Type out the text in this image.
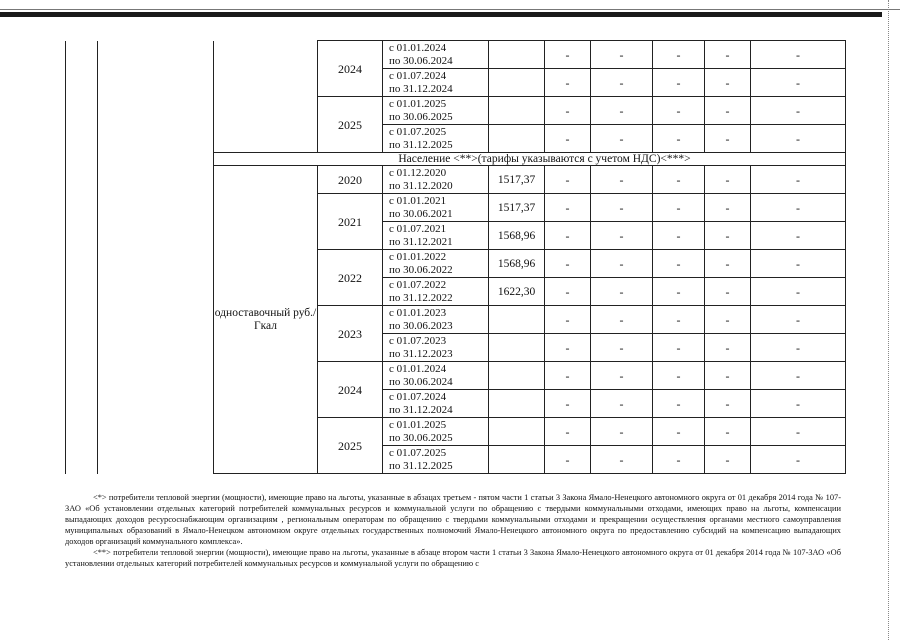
			2024	с 01.01.2024
по 30.06.2024		-	-	-	-	-

				с 01.07.2024
по 31.12.2024		-	-	-	-	-
			2025	с 01.01.2025
по 30.06.2025		-	-	-	-	-

				с 01.07.2025
по 31.12.2025		-	-	-	-	-
		Население <**>(тарифы указываются с учетом НДС)<***>								
		одноставочный руб./Гкал	2020	с 01.12.2020
по 31.12.2020	1517,37	-	-	-	-	-
			2021	с 01.01.2021
по 30.06.2021	1517,37	-	-	-	-	-

				с 01.07.2021
по 31.12.2021	1568,96	-	-	-	-	-
			2022	с 01.01.2022
по 30.06.2022	1568,96	-	-	-	-	-

				с 01.07.2022
по 31.12.2022	1622,30	-	-	-	-	-
			2023	с 01.01.2023
по 30.06.2023		-	-	-	-	-

				с 01.07.2023
по 31.12.2023		-	-	-	-	-
			2024	с 01.01.2024
по 30.06.2024		-	-	-	-	-

				с 01.07.2024
по 31.12.2024		-	-	-	-	-
			2025	с 01.01.2025
по 30.06.2025		-	-	-	-	-

				с 01.07.2025
по 31.12.2025		-	-	-	-	-

<*> потребители тепловой энергии (мощности), имеющие право на льготы, указанные в абзацах третьем - пятом части 1 статьи 3 Закона Ямало-Ненецкого автономного округа от 01 декабря 2014 года № 107-ЗАО «Об установлении отдельных категорий потребителей коммунальных ресурсов и коммунальной услуги по обращению с твердыми коммунальными отходами, имеющих право на льготы, компенсации выпадающих доходов ресурсоснабжающим организациям , региональным операторам по обращению с твердыми коммунальными отходами и прекращении осуществления органами местного самоуправления муниципальных образований в Ямало-Ненецком автономном округе отдельных государственных полномочий Ямало-Ненецкого автономного округа по предоставлению субсидий на компенсацию выпадающих доходов организаций коммунального комплекса».

<**> потребители тепловой энергии (мощности), имеющие право на льготы, указанные в абзаце втором части 1 статьи 3 Закона Ямало-Ненецкого автономного округа от 01 декабря 2014 года № 107-ЗАО «Об установлении отдельных категорий потребителей коммунальных ресурсов и коммунальной услуги по обращению с
